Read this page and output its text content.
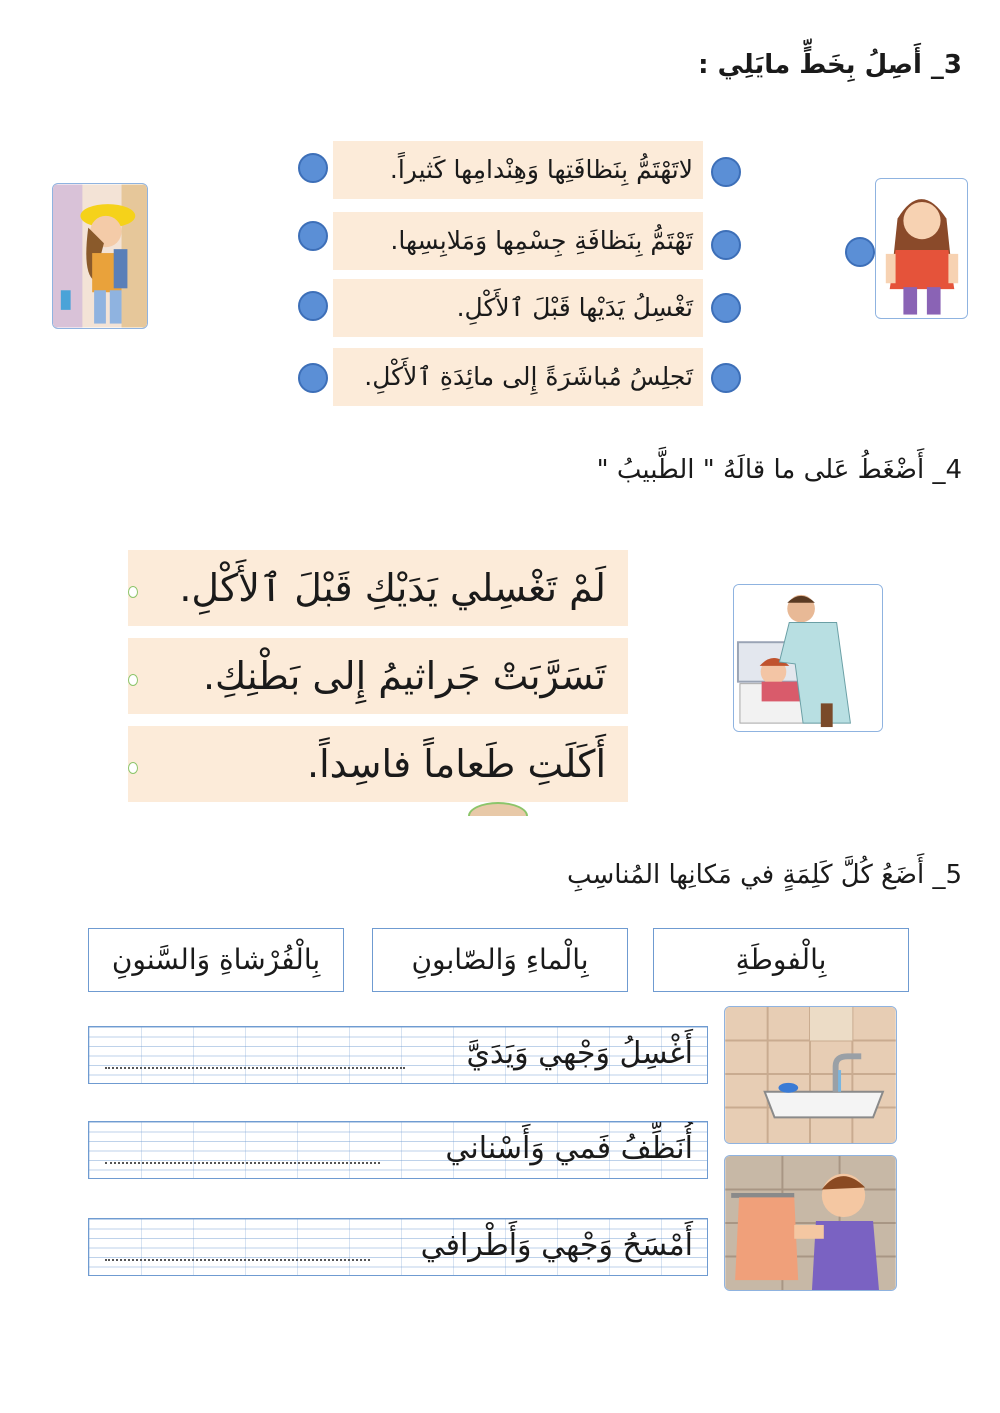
3_ أَصِلُ بِخَطٍّ مايَلِي :
لاتَهْتَمُّ بِنَظافَتِها وَهِنْدامِها كَثيراً.
تَهْتَمُّ بِنَظافَةِ جِسْمِها وَمَلابِسِها.
تَغْسِلُ يَدَيْها قَبْلَ ٱلأَكْلِ.
تَجلِسُ مُباشَرَةً إِلى مائِدَةِ ٱلأَكْلِ.
4_ أَضْغَطُ عَلى ما قالَهُ " الطَّبيبُ "
لَمْ تَغْسِلي يَدَيْكِ قَبْلَ ٱلأَكْلِ.
تَسَرَّبَتْ جَراثيمُ إِلى بَطْنِكِ.
أَكَلَتِ طَعاماً فاسِداً.
5_ أَضَعُ كُلَّ كَلِمَةٍ في مَكانِها المُناسِبِ
بِالْفوطَةِ
بِالْماءِ وَالصّابونِ
بِالْفُرْشاةِ وَالسَّنونِ
أَغْسِلُ وَجْهي وَيَدَيَّ
أُنَظِّفُ فَمي وَأَسْناني
أَمْسَحُ وَجْهي وَأَطْرافي
